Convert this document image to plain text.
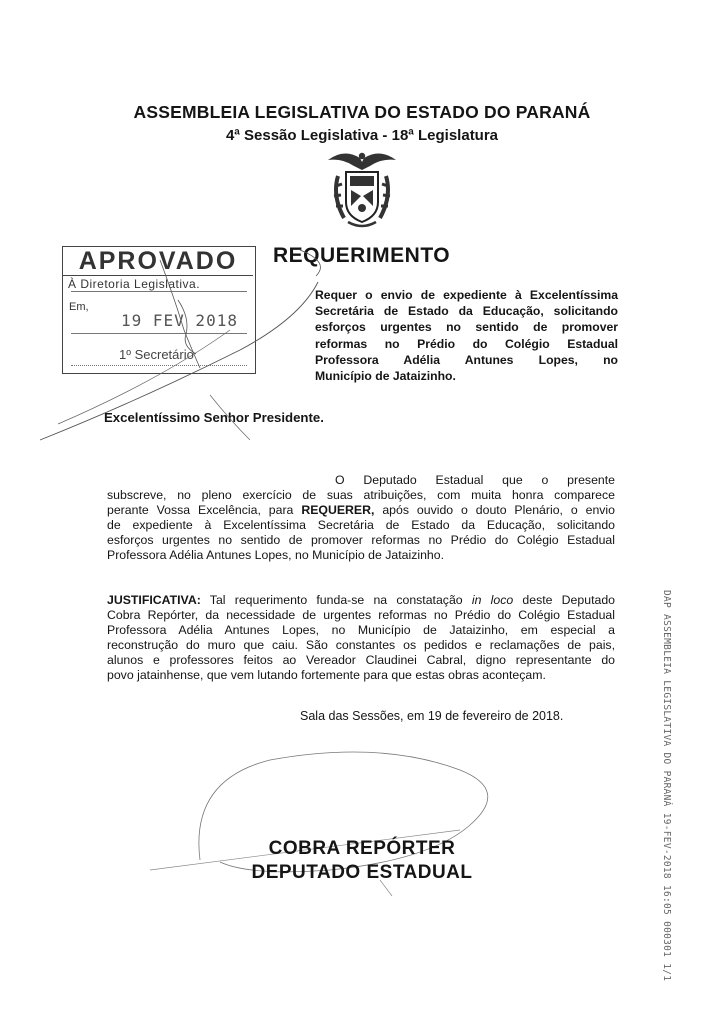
ASSEMBLEIA LEGISLATIVA DO ESTADO DO PARANÁ
4ª Sessão Legislativa - 18ª Legislatura
APROVADO
À Diretoria Legislativa.
Em,
19 FEV 2018
1º Secretário
REQUERIMENTO
Requer o envio de expediente à Excelentíssima
Secretária de Estado da Educação, solicitando
esforços urgentes no sentido de promover
reformas no Prédio do Colégio Estadual
Professora Adélia Antunes Lopes, no
Município de Jataizinho.
Excelentíssimo Senhor Presidente.
O Deputado Estadual que o presente
subscreve, no pleno exercício de suas atribuições, com muita honra comparece
perante Vossa Excelência, para REQUERER, após ouvido o douto Plenário, o envio
de expediente à Excelentíssima Secretária de Estado da Educação, solicitando
esforços urgentes no sentido de promover reformas no Prédio do Colégio Estadual
Professora Adélia Antunes Lopes, no Município de Jataizinho.
JUSTIFICATIVA: Tal requerimento funda-se na constatação in loco deste Deputado
Cobra Repórter, da necessidade de urgentes reformas no Prédio do Colégio Estadual
Professora Adélia Antunes Lopes, no Município de Jataizinho, em especial a
reconstrução do muro que caiu. São constantes os pedidos e reclamações de pais,
alunos e professores feitos ao Vereador Claudinei Cabral, digno representante do
povo jatainhense, que vem lutando fortemente para que estas obras aconteçam.
Sala das Sessões, em 19 de fevereiro de 2018.
COBRA REPÓRTER
DEPUTADO ESTADUAL	DAP ASSEMBLEIA LEGISLATIVA DO PARANÁ 19-FEV-2018 16:05 000301 1/1
